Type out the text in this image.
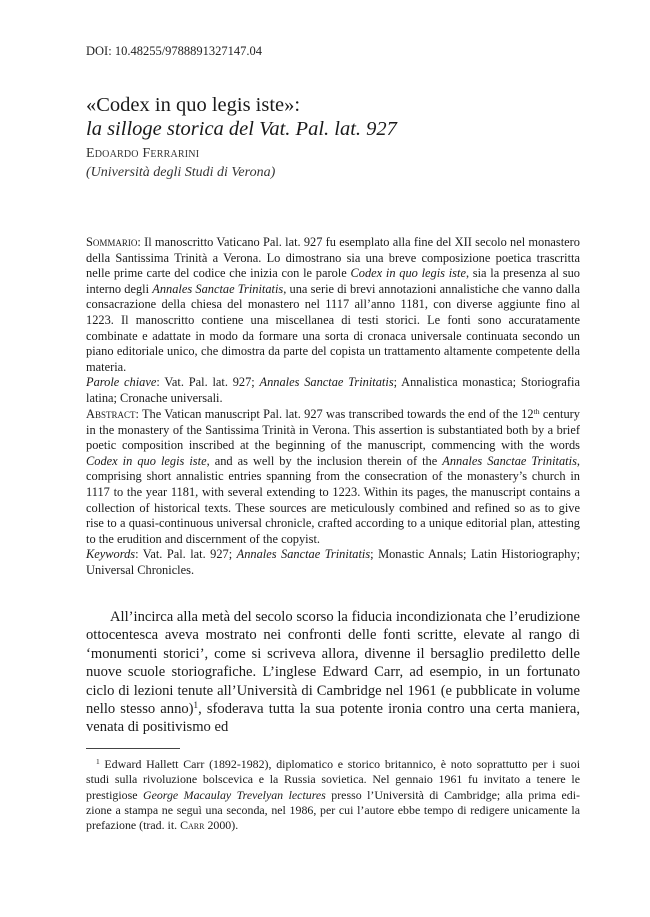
DOI: 10.48255/9788891327147.04
«Codex in quo legis iste»:
la silloge storica del Vat. Pal. lat. 927
Edoardo Ferrarini
(Università degli Studi di Verona)
Sommario: Il manoscritto Vaticano Pal. lat. 927 fu esemplato alla fine del XII secolo nel monastero della Santissima Trinità a Verona. Lo dimostrano sia una breve composizione poetica trascritta nelle prime carte del codice che inizia con le parole Codex in quo legis iste, sia la presenza al suo interno degli Annales Sanctae Trinitatis, una serie di brevi annotazioni annalistiche che vanno dalla consacrazione della chiesa del monastero nel 1117 all’anno 1181, con diverse aggiunte fino al 1223. Il manoscritto contiene una miscellanea di testi storici. Le fonti sono accuratamente combinate e adattate in modo da formare una sorta di cronaca universale continuata secondo un piano editoriale unico, che dimostra da parte del copista un trattamento altamente competente della materia.
Parole chiave: Vat. Pal. lat. 927; Annales Sanctae Trinitatis; Annalistica monastica; Storiografia latina; Cronache universali.
Abstract: The Vatican manuscript Pal. lat. 927 was transcribed towards the end of the 12th century in the monastery of the Santissima Trinità in Verona. This assertion is substantiated both by a brief poetic composition inscribed at the beginning of the manuscript, commencing with the words Codex in quo legis iste, and as well by the inclusion therein of the Annales Sanctae Trinitatis, comprising short annalistic entries spanning from the consecration of the monastery’s church in 1117 to the year 1181, with several extending to 1223. Within its pages, the manuscript contains a collection of historical texts. These sources are meticulously combined and refined so as to give rise to a quasi-continuous universal chronicle, crafted according to a unique editorial plan, attesting to the erudition and discernment of the copyist.
Keywords: Vat. Pal. lat. 927; Annales Sanctae Trinitatis; Monastic Annals; Latin Historiography; Universal Chronicles.

All’incirca alla metà del secolo scorso la fiducia incondizionata che l’erudizione ottocentesca aveva mostrato nei confronti delle fonti scritte, elevate al rango di ‘monumenti storici’, come si scriveva allora, divenne il bersaglio prediletto delle nuove scuole storiografiche. L’inglese Edward Carr, ad esempio, in un fortunato ciclo di lezioni tenute all’Università di Cambridge nel 1961 (e pubblicate in volume nello stesso anno)$^1$, sfoderava tutta la sua potente ironia contro una certa maniera, venata di positivismo ed

$^1$ Edward Hallett Carr (1892-1982), diplomatico e storico britannico, è noto soprattutto per i suoi studi sulla rivoluzione bolscevica e la Russia sovietica. Nel gennaio 1961 fu invitato a tenere le prestigiose George Macaulay Trevelyan lectures presso l’Università di Cambridge; alla prima edi- zione a stampa ne seguì una seconda, nel 1986, per cui l’autore ebbe tempo di redigere unicamente la prefazione (trad. it. Carr 2000).
